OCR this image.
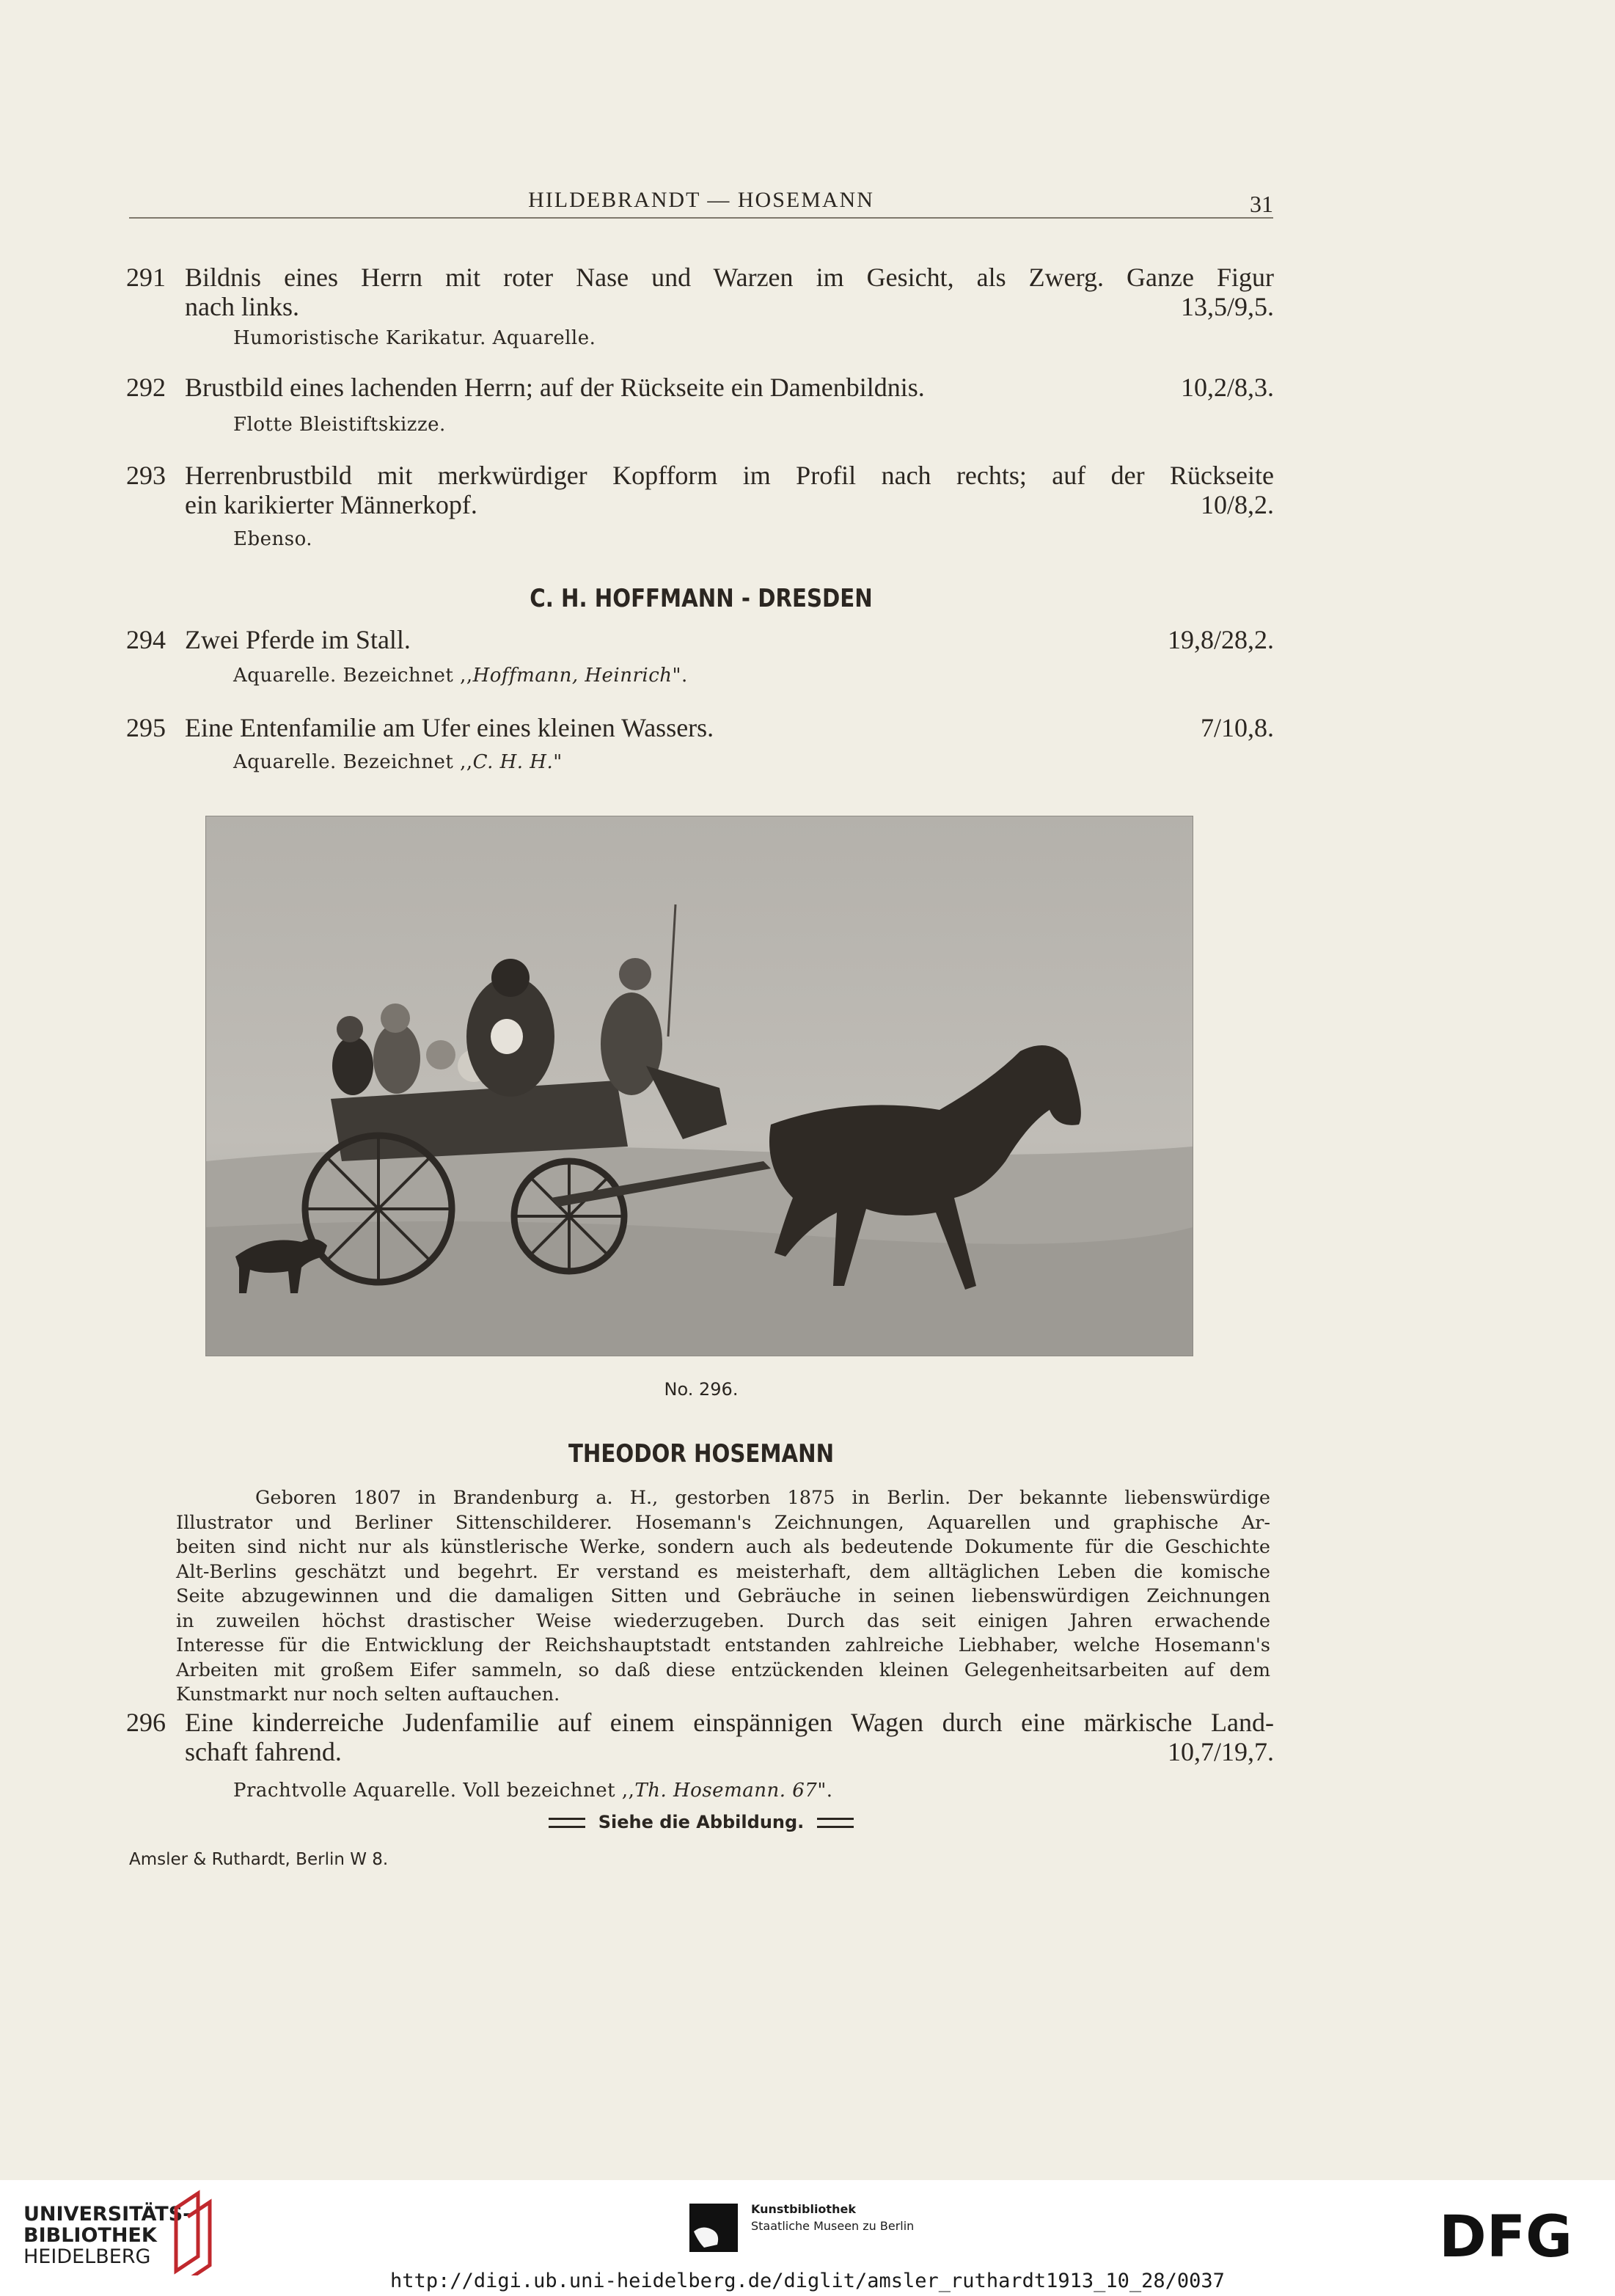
HILDEBRANDT — HOSEMANN	31
291 Bildnis eines Herrn mit roter Nase und Warzen im Gesicht, als Zwerg. Ganze Figur
nach links.	13,5/9,5.
Humoristische Karikatur. Aquarelle.
292 Brustbild eines lachenden Herrn; auf der Rückseite ein Damenbildnis.	10,2/8,3.
Flotte Bleistiftskizze.
293 Herrenbrustbild mit merkwürdiger Kopfform im Profil nach rechts; auf der Rückseite
ein karikierter Männerkopf.	10/8,2.
Ebenso.
C. H. HOFFMANN - DRESDEN
294 Zwei Pferde im Stall.	19,8/28,2.
Aquarelle. Bezeichnet ,,Hoffmann, Heinrich".
295 Eine Entenfamilie am Ufer eines kleinen Wassers.	7/10,8.
Aquarelle. Bezeichnet ,,C. H. H."
No. 296.
THEODOR HOSEMANN
Geboren 1807 in Brandenburg a. H., gestorben 1875 in Berlin. Der bekannte liebenswürdige
Illustrator und Berliner Sittenschilderer. Hosemann's Zeichnungen, Aquarellen und graphische Ar-
beiten sind nicht nur als künstlerische Werke, sondern auch als bedeutende Dokumente für die Geschichte
Alt-Berlins geschätzt und begehrt. Er verstand es meisterhaft, dem alltäglichen Leben die komische
Seite abzugewinnen und die damaligen Sitten und Gebräuche in seinen liebenswürdigen Zeichnungen
in zuweilen höchst drastischer Weise wiederzugeben. Durch das seit einigen Jahren erwachende
Interesse für die Entwicklung der Reichshauptstadt entstanden zahlreiche Liebhaber, welche Hosemann's
Arbeiten mit großem Eifer sammeln, so daß diese entzückenden kleinen Gelegenheitsarbeiten auf dem
Kunstmarkt nur noch selten auftauchen.
296 Eine kinderreiche Judenfamilie auf einem einspännigen Wagen durch eine märkische Land-
schaft fahrend.	10,7/19,7.
Prachtvolle Aquarelle. Voll bezeichnet ,,Th. Hosemann. 67".
Siehe die Abbildung.
Amsler & Ruthardt, Berlin W 8.
UNIVERSITÄTS-
BIBLIOTHEK
HEIDELBERG
Kunstbibliothek
Staatliche Museen zu Berlin	DFG
http://digi.ub.uni-heidelberg.de/diglit/amsler_ruthardt1913_10_28/0037
